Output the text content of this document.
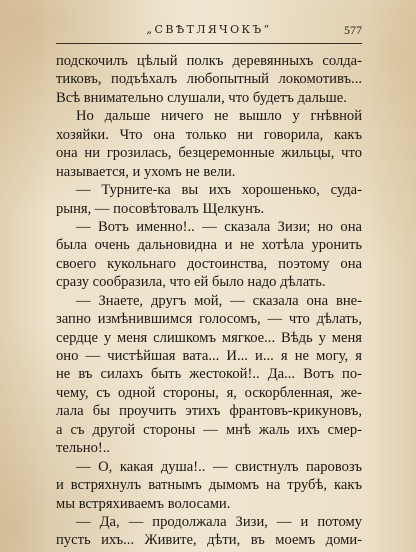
„СВѢТЛЯЧОКЪ“	577
подскочилъ цѣлый полкъ деревянныхъ солда-
тиковъ, подъѣхалъ любопытный локомотивъ...
Всѣ внимательно слушали, что будетъ дальше.
Но дальше ничего не вышло у гнѣвной
хозяйки. Что она только ни говорила, какъ
она ни грозилась, безцеремонные жильцы, что
называется, и ухомъ не вели.
— Турните-ка вы ихъ хорошенько, суда-
рыня, — посовѣтовалъ Щелкунъ.
— Вотъ именно!.. — сказала Зизи; но она
была очень дальновидна и не хотѣла уронить
своего кукольнаго достоинства, поэтому она
сразу сообразила, что ей было надо дѣлать.
— Знаете, другъ мой, — сказала она вне-
запно измѣнившимся голосомъ, — что дѣлать,
сердце у меня слишкомъ мягкое... Вѣдь у меня
оно — чистѣйшая вата... И... и... я не могу, я
не въ силахъ быть жестокой!.. Да... Вотъ по-
чему, съ одной стороны, я, оскорбленная, же-
лала бы проучить этихъ франтовъ-крикуновъ,
а съ другой стороны — мнѣ жаль ихъ смер-
тельно!..
— О, какая душа!.. — свистнулъ паровозъ
и встряхнулъ ватнымъ дымомъ на трубѣ, какъ
мы встряхиваемъ волосами.
— Да, — продолжала Зизи, — и потому
пусть ихъ... Живите, дѣти, въ моемъ доми-
